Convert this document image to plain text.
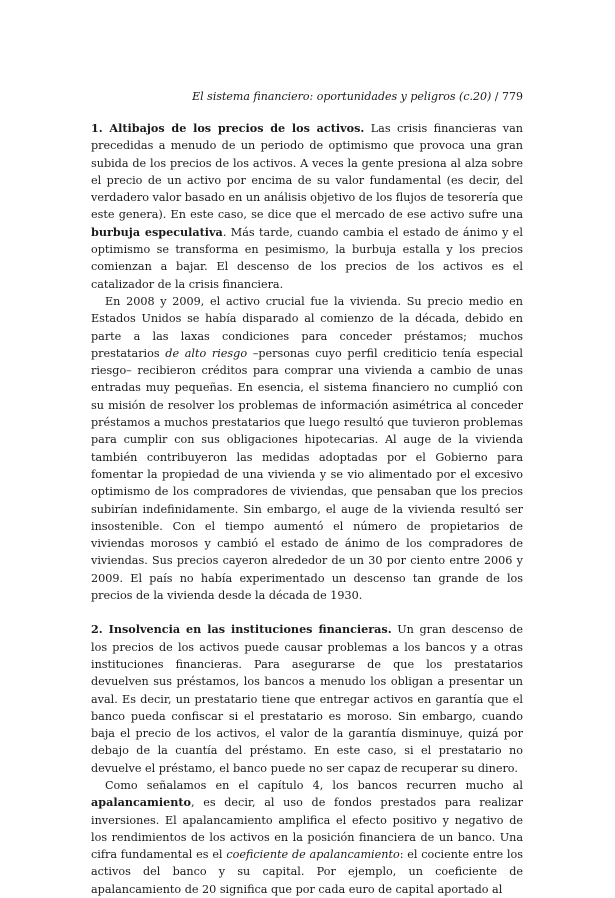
El sistema financiero: oportunidades y peligros (c.20) / 779

1. Altibajos de los precios de los activos. Las crisis financieras van precedidas a menudo de un periodo de optimismo que provoca una gran subida de los precios de los activos. A veces la gente presiona al alza sobre el precio de un activo por encima de su valor fundamental (es decir, del verdadero valor basado en un análisis objetivo de los flujos de tesorería que este genera). En este caso, se dice que el mercado de ese activo sufre una burbuja especulativa. Más tarde, cuando cambia el estado de ánimo y el optimismo se transforma en pesimismo, la burbuja estalla y los precios comienzan a bajar. El descenso de los precios de los activos es el catalizador de la crisis financiera.

En 2008 y 2009, el activo crucial fue la vivienda. Su precio medio en Estados Unidos se había disparado al comienzo de la década, debido en parte a las laxas condiciones para conceder préstamos; muchos prestatarios de alto riesgo –personas cuyo perfil crediticio tenía especial riesgo– recibieron créditos para comprar una vivienda a cambio de unas entradas muy pequeñas. En esencia, el sistema financiero no cumplió con su misión de resolver los problemas de información asimétrica al conceder préstamos a muchos prestatarios que luego resultó que tuvieron problemas para cumplir con sus obligaciones hipotecarias. Al auge de la vivienda también contribuyeron las medidas adoptadas por el Gobierno para fomentar la propiedad de una vivienda y se vio alimentado por el excesivo optimismo de los compradores de viviendas, que pensaban que los precios subirían indefinidamente. Sin embargo, el auge de la vivienda resultó ser insostenible. Con el tiempo aumentó el número de propietarios de viviendas morosos y cambió el estado de ánimo de los compradores de viviendas. Sus precios cayeron alrededor de un 30 por ciento entre 2006 y 2009. El país no había experimentado un descenso tan grande de los precios de la vivienda desde la década de 1930.

2. Insolvencia en las instituciones financieras. Un gran descenso de los precios de los activos puede causar problemas a los bancos y a otras instituciones financieras. Para asegurarse de que los prestatarios devuelven sus préstamos, los bancos a menudo los obligan a presentar un aval. Es decir, un prestatario tiene que entregar activos en garantía que el banco pueda confiscar si el prestatario es moroso. Sin embargo, cuando baja el precio de los activos, el valor de la garantía disminuye, quizá por debajo de la cuantía del préstamo. En este caso, si el prestatario no devuelve el préstamo, el banco puede no ser capaz de recuperar su dinero.

Como señalamos en el capítulo 4, los bancos recurren mucho al apalancamiento, es decir, al uso de fondos prestados para realizar inversiones. El apalancamiento amplifica el efecto positivo y negativo de los rendimientos de los activos en la posición financiera de un banco. Una cifra fundamental es el coeficiente de apalancamiento: el cociente entre los activos del banco y su capital. Por ejemplo, un coeficiente de apalancamiento de 20 significa que por cada euro de capital aportado al
